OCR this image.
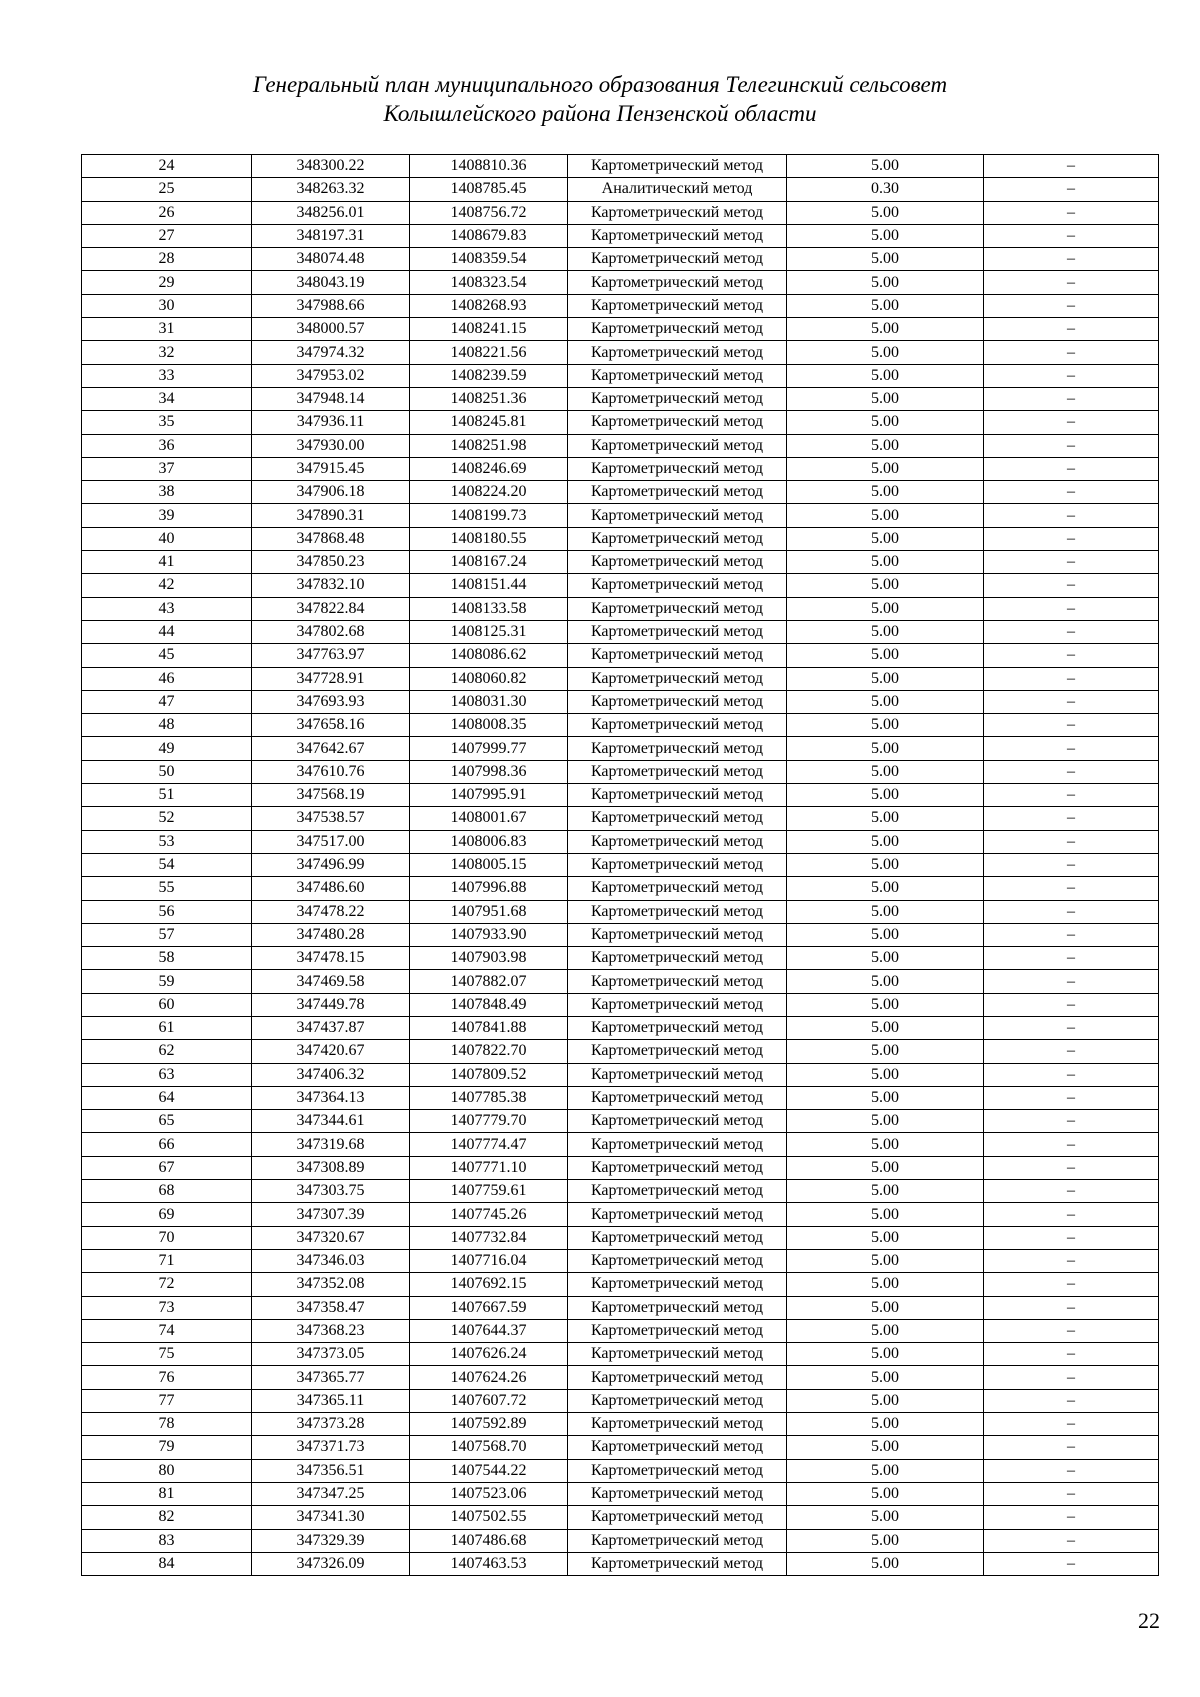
Генеральный план муниципального образования Телегинский сельсовет
Колышлейского района Пензенской области
24	348300.22	1408810.36	Картометрический метод	5.00	–
25	348263.32	1408785.45	Аналитический метод	0.30	–
26	348256.01	1408756.72	Картометрический метод	5.00	–
27	348197.31	1408679.83	Картометрический метод	5.00	–
28	348074.48	1408359.54	Картометрический метод	5.00	–
29	348043.19	1408323.54	Картометрический метод	5.00	–
30	347988.66	1408268.93	Картометрический метод	5.00	–
31	348000.57	1408241.15	Картометрический метод	5.00	–
32	347974.32	1408221.56	Картометрический метод	5.00	–
33	347953.02	1408239.59	Картометрический метод	5.00	–
34	347948.14	1408251.36	Картометрический метод	5.00	–
35	347936.11	1408245.81	Картометрический метод	5.00	–
36	347930.00	1408251.98	Картометрический метод	5.00	–
37	347915.45	1408246.69	Картометрический метод	5.00	–
38	347906.18	1408224.20	Картометрический метод	5.00	–
39	347890.31	1408199.73	Картометрический метод	5.00	–
40	347868.48	1408180.55	Картометрический метод	5.00	–
41	347850.23	1408167.24	Картометрический метод	5.00	–
42	347832.10	1408151.44	Картометрический метод	5.00	–
43	347822.84	1408133.58	Картометрический метод	5.00	–
44	347802.68	1408125.31	Картометрический метод	5.00	–
45	347763.97	1408086.62	Картометрический метод	5.00	–
46	347728.91	1408060.82	Картометрический метод	5.00	–
47	347693.93	1408031.30	Картометрический метод	5.00	–
48	347658.16	1408008.35	Картометрический метод	5.00	–
49	347642.67	1407999.77	Картометрический метод	5.00	–
50	347610.76	1407998.36	Картометрический метод	5.00	–
51	347568.19	1407995.91	Картометрический метод	5.00	–
52	347538.57	1408001.67	Картометрический метод	5.00	–
53	347517.00	1408006.83	Картометрический метод	5.00	–
54	347496.99	1408005.15	Картометрический метод	5.00	–
55	347486.60	1407996.88	Картометрический метод	5.00	–
56	347478.22	1407951.68	Картометрический метод	5.00	–
57	347480.28	1407933.90	Картометрический метод	5.00	–
58	347478.15	1407903.98	Картометрический метод	5.00	–
59	347469.58	1407882.07	Картометрический метод	5.00	–
60	347449.78	1407848.49	Картометрический метод	5.00	–
61	347437.87	1407841.88	Картометрический метод	5.00	–
62	347420.67	1407822.70	Картометрический метод	5.00	–
63	347406.32	1407809.52	Картометрический метод	5.00	–
64	347364.13	1407785.38	Картометрический метод	5.00	–
65	347344.61	1407779.70	Картометрический метод	5.00	–
66	347319.68	1407774.47	Картометрический метод	5.00	–
67	347308.89	1407771.10	Картометрический метод	5.00	–
68	347303.75	1407759.61	Картометрический метод	5.00	–
69	347307.39	1407745.26	Картометрический метод	5.00	–
70	347320.67	1407732.84	Картометрический метод	5.00	–
71	347346.03	1407716.04	Картометрический метод	5.00	–
72	347352.08	1407692.15	Картометрический метод	5.00	–
73	347358.47	1407667.59	Картометрический метод	5.00	–
74	347368.23	1407644.37	Картометрический метод	5.00	–
75	347373.05	1407626.24	Картометрический метод	5.00	–
76	347365.77	1407624.26	Картометрический метод	5.00	–
77	347365.11	1407607.72	Картометрический метод	5.00	–
78	347373.28	1407592.89	Картометрический метод	5.00	–
79	347371.73	1407568.70	Картометрический метод	5.00	–
80	347356.51	1407544.22	Картометрический метод	5.00	–
81	347347.25	1407523.06	Картометрический метод	5.00	–
82	347341.30	1407502.55	Картометрический метод	5.00	–
83	347329.39	1407486.68	Картометрический метод	5.00	–
84	347326.09	1407463.53	Картометрический метод	5.00	–
22
